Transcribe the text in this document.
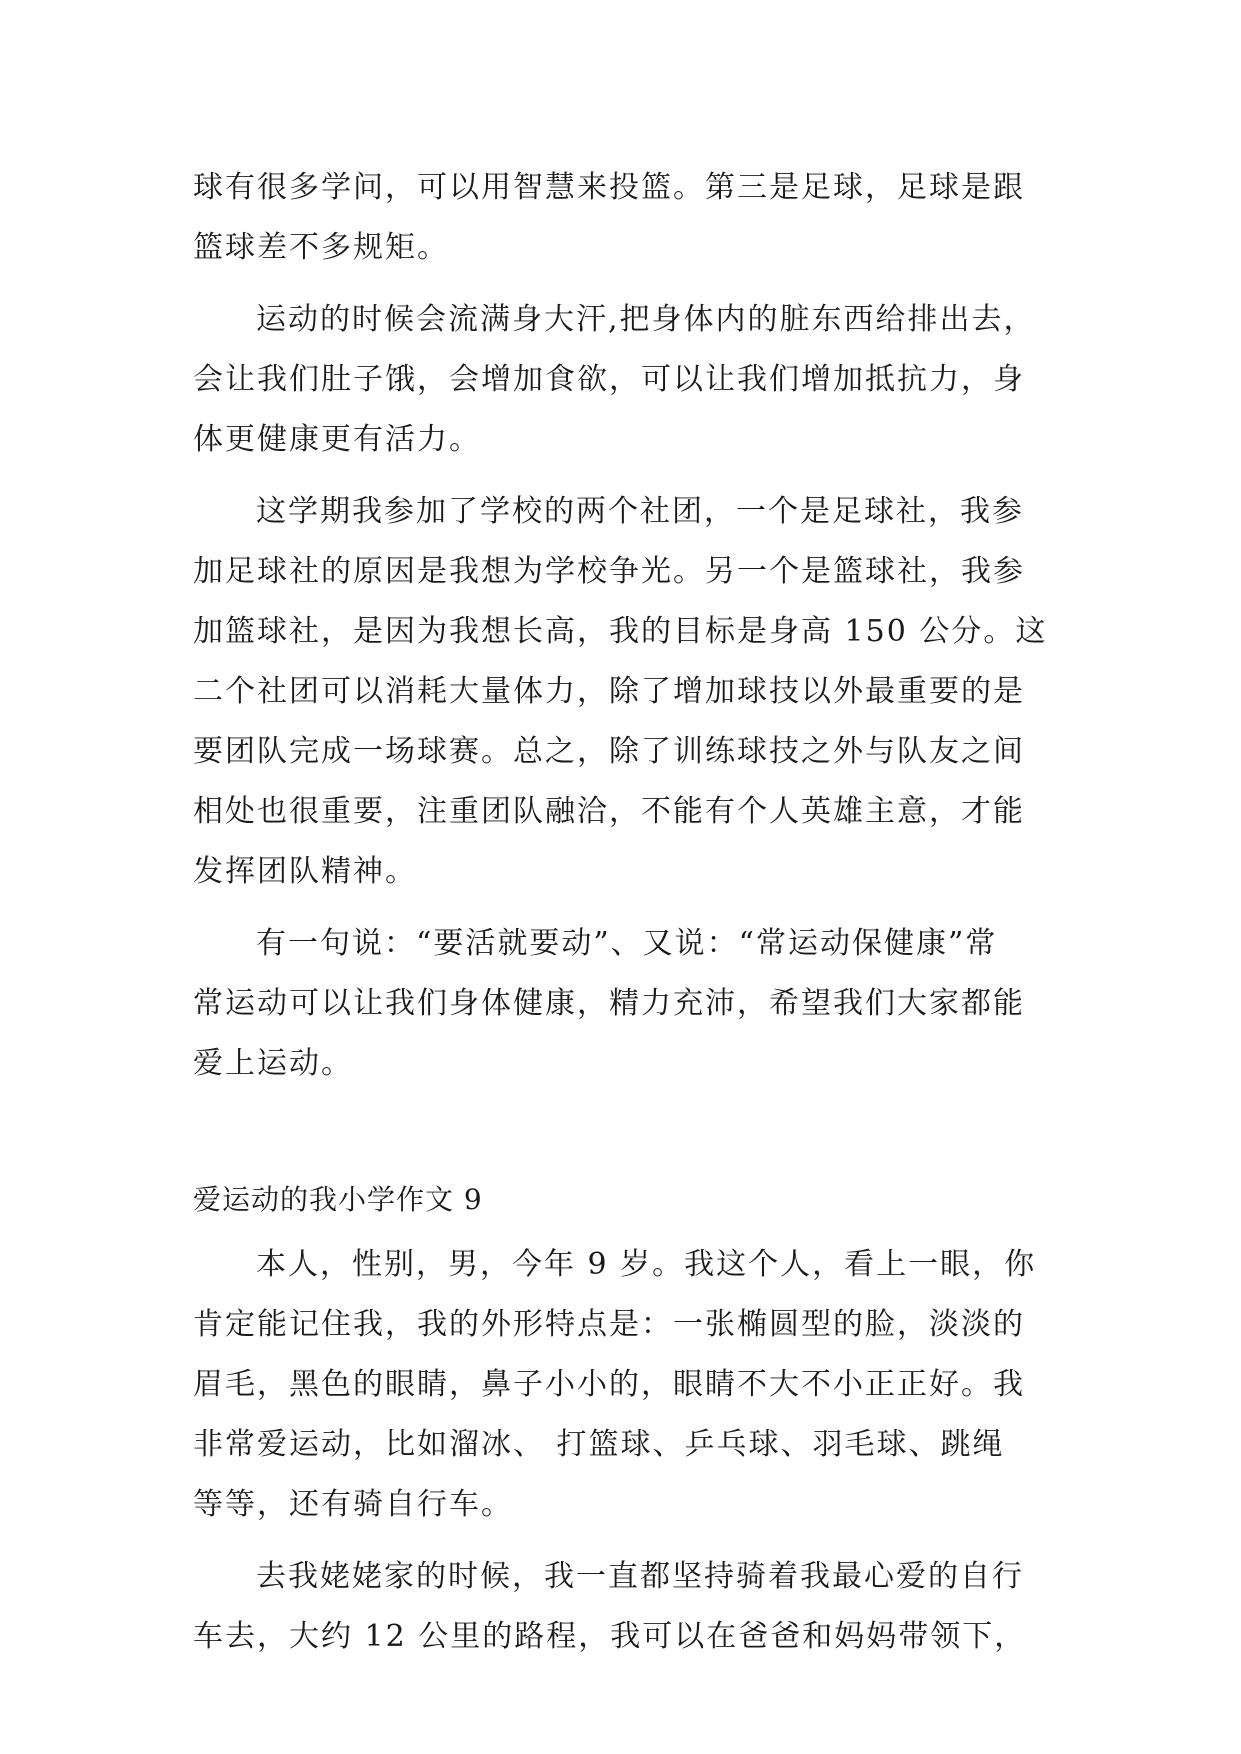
球有很多学问，可以用智慧来投篮。第三是足球，足球是跟
篮球差不多规矩。
运动的时候会流满身大汗,把身体内的脏东西给排出去，
会让我们肚子饿，会增加食欲，可以让我们增加抵抗力，身
体更健康更有活力。
这学期我参加了学校的两个社团，一个是足球社，我参
加足球社的原因是我想为学校争光。另一个是篮球社，我参
加篮球社，是因为我想长高，我的目标是身高 150 公分。这
二个社团可以消耗大量体力，除了增加球技以外最重要的是
要团队完成一场球赛。总之，除了训练球技之外与队友之间
相处也很重要，注重团队融洽，不能有个人英雄主意，才能
发挥团队精神。
有一句说：“要活就要动”、又说：“常运动保健康”常
常运动可以让我们身体健康，精力充沛，希望我们大家都能
爱上运动。
爱运动的我小学作文 9
本人，性别，男，今年 9 岁。我这个人，看上一眼，你
肯定能记住我，我的外形特点是：一张椭圆型的脸，淡淡的
眉毛，黑色的眼睛，鼻子小小的，眼睛不大不小正正好。我
非常爱运动，比如溜冰、 打篮球、乒乓球、羽毛球、跳绳
等等，还有骑自行车。
去我姥姥家的时候，我一直都坚持骑着我最心爱的自行
车去，大约 12 公里的路程，我可以在爸爸和妈妈带领下，
